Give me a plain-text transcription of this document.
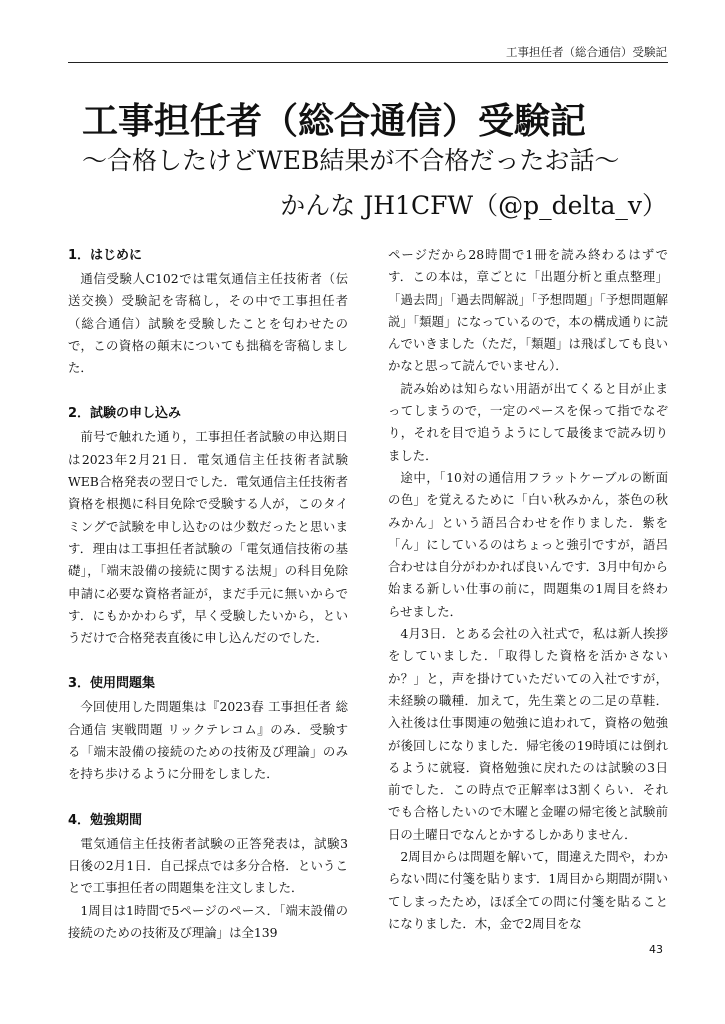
工事担任者（総合通信）受験記
工事担任者（総合通信）受験記
～合格したけどWEB結果が不合格だったお話～
かんな JH1CFW（@p_delta_v）
1．はじめに

通信受験人C102では電気通信主任技術者（伝送交換）受験記を寄稿し，その中で工事担任者（総合通信）試験を受験したことを匂わせたので，この資格の顛末についても拙稿を寄稿しました．

2．試験の申し込み

前号で触れた通り，工事担任者試験の申込期日は2023年2月21日．電気通信主任技術者試験WEB合格発表の翌日でした．電気通信主任技術者資格を根拠に科目免除で受験する人が，このタイミングで試験を申し込むのは少数だったと思います．理由は工事担任者試験の「電気通信技術の基礎」，「端末設備の接続に関する法規」の科目免除申請に必要な資格者証が，まだ手元に無いからです．にもかかわらず，早く受験したいから，というだけで合格発表直後に申し込んだのでした．

3．使用問題集

今回使用した問題集は『2023春 工事担任者 総合通信 実戦問題 リックテレコム』のみ．受験する「端末設備の接続のための技術及び理論」のみを持ち歩けるように分冊をしました．

4．勉強期間

電気通信主任技術者試験の正答発表は，試験3日後の2月1日．自己採点では多分合格．ということで工事担任者の問題集を注文しました．

1周目は1時間で5ページのペース．「端末設備の接続のための技術及び理論」は全139

ページだから28時間で1冊を読み終わるはずです．この本は，章ごとに「出題分析と重点整理」「過去問」「過去問解説」「予想問題」「予想問題解説」「類題」になっているので，本の構成通りに読んでいきました（ただ，「類題」は飛ばしても良いかなと思って読んでいません）．

読み始めは知らない用語が出てくると目が止まってしまうので，一定のペースを保って指でなぞり，それを目で追うようにして最後まで読み切りました．

途中，「10対の通信用フラットケーブルの断面の色」を覚えるために「白い秋みかん，茶色の秋みかん」という語呂合わせを作りました．紫を「ん」にしているのはちょっと強引ですが，語呂合わせは自分がわかれば良いんです．3月中旬から始まる新しい仕事の前に，問題集の1周目を終わらせました．

4月3日．とある会社の入社式で，私は新人挨拶をしていました．「取得した資格を活かさないか？」と，声を掛けていただいての入社ですが，未経験の職種．加えて，先生業との二足の草鞋．入社後は仕事関連の勉強に追われて，資格の勉強が後回しになりました．帰宅後の19時頃には倒れるように就寝．資格勉強に戻れたのは試験の3日前でした．この時点で正解率は3割くらい．それでも合格したいので木曜と金曜の帰宅後と試験前日の土曜日でなんとかするしかありません．

2周目からは問題を解いて，間違えた問や，わからない問に付箋を貼ります．1周目から期間が開いてしまったため，ほぼ全ての問に付箋を貼ることになりました．木，金で2周目をな

43
